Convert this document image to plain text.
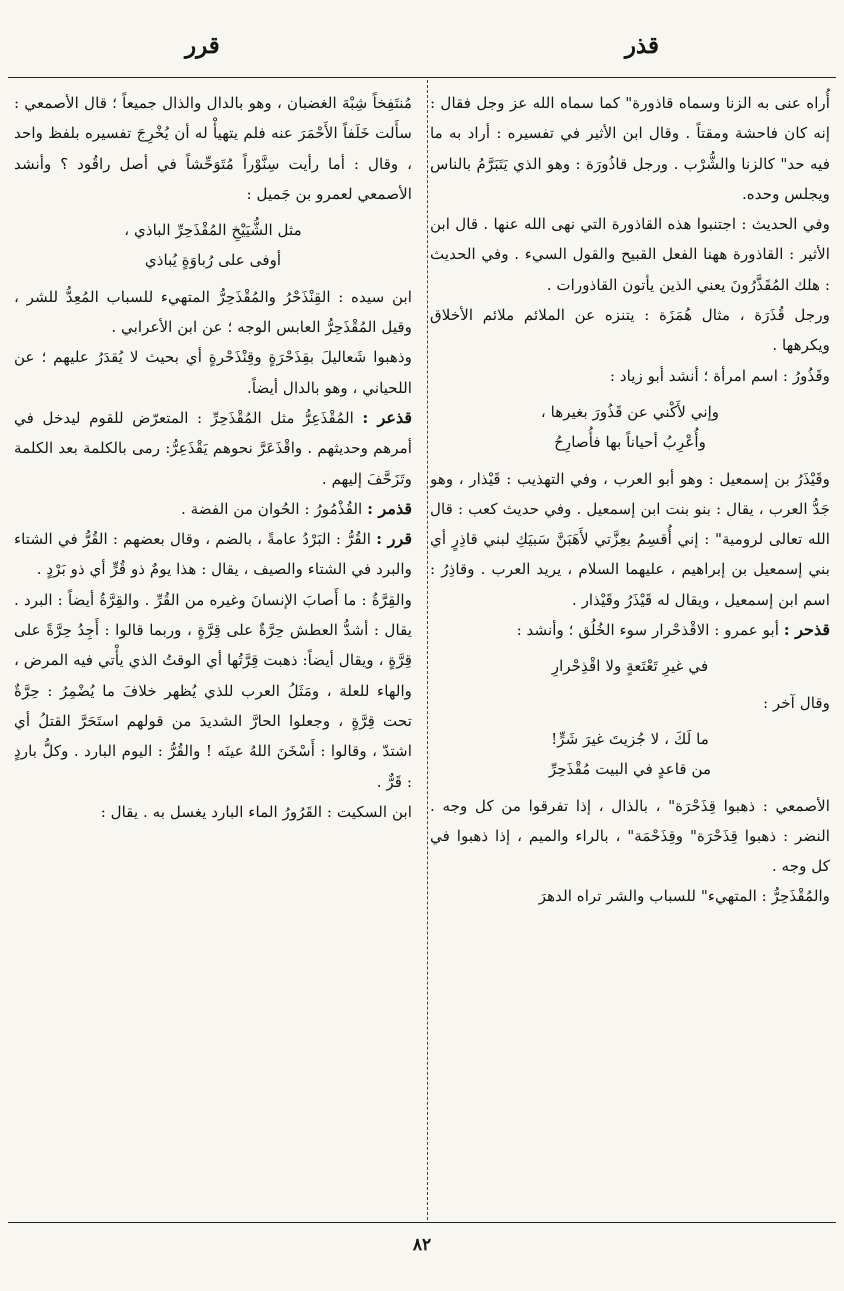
قذر
قرر

أُراه عنى به الزنا وسماه قاذورة" كما سماه الله عز وجل فقال : إنه كان فاحشة ومقتاً . وقال ابن الأثير في تفسيره : أراد به ما فيه حد" كالزنا والشُّرْب . ورجل قاذُورَة : وهو الذي يَتَبَرَّمُ بالناس ويجلس وحده.

وفي الحديث : اجتنبوا هذه القاذورة التي نهى الله عنها . قال ابن الأثير : القاذورة ههنا الفعل القبيح والقول السيء . وفي الحديث : هلك المُقَذَّرُونَ يعني الذين يأتون القاذورات .

ورجل قُذَرَة ، مثال هُمَزَة : يتنزه عن الملائم ملائم الأخلاق ويكرهها .

وقَذُورُ : اسم امرأة ؛ أنشد أبو زياد :

وإني لأَكْني عن قَذُورَ بغيرها ،

وأُعْرِبُ أحياناً بها فأُصارِحُ

وقَيْذَرُ بن إسمعيل : وهو أبو العرب ، وفي التهذيب : قَيْذار ، وهو جَدُّ العرب ، يقال : بنو بنت ابن إسمعيل . وفي حديث كعب : قال الله تعالى لرومية" : إني أُقسِمُ بعِزَّتي لأَهَبَنَّ سَبيَكِ لبني قاذِرٍ أي بني إسمعيل بن إبراهيم ، عليهما السلام ، يريد العرب . وقاذِرُ : اسم ابن إسمعيل ، ويقال له قَيْذَرُ وقَيْذار .

قذحر : أبو عمرو : الاقْذحْرار سوء الخُلُق ؛ وأنشد :

في غيرِ تَعْتَعةٍ ولا اقْذِحْرارِ

وقال آخر :

ما لَكَ ، لا جُزيتَ غيرَ شَرٍّ!

من قاعدٍ في البيت مُقْذَحِرِّ

الأصمعي : ذهبوا قِذَحْرَة" ، بالذال ، إذا تفرقوا من كل وجه . النضر : ذهبوا قِذَحْرَة" وقِذَحْمَة" ، بالراء والميم ، إذا ذهبوا في كل وجه .

والمُقْذَحِرُّ : المتهيء" للسباب والشر تراه الدهرَ

مُنتَفِخاً شِبْهَ الغضبان ، وهو بالدال والذال جميعاً ؛ قال الأصمعي : سأَلت خَلَفاً الأَحْمَرَ عنه فلم يتهيأْ له أن يُخْرِجَ تفسيره بلفظ واحد ، وقال : أما رأيت سِنَّوْراً مُتَوَحِّشاً في أصل راقُود ؟ وأنشد الأصمعي لعمرو بن جَميل :

مثل الشُّيَيْخِ المُقْذَحِرِّ الباذي ،

أوفى على رُباوَةٍ يُباذي

ابن سيده : القِنْذَحْرُ والمُقْذَحِرُّ المتهيء للسباب المُعِدُّ للشر ، وقيل المُقْذَحِرُّ العابس الوجه ؛ عن ابن الأعرابي .

وذهبوا شَعاليلَ بقِذَحْرَةٍ وقِنْذَحْرةٍ أي بحيث لا يُقدَرُ عليهم ؛ عن اللحياني ، وهو بالدال أيضاً.

قذعر : المُقْذَعِرُّ مثل المُقْذَحِرِّ : المتعرّض للقوم ليدخل في أمرهم وحديثهم . واقْذَعَرَّ نحوهم يَقْذَعِرُّ: رمى بالكلمة بعد الكلمة وتَزَحَّفَ إليهم .

قذمر : القُذْمُورُ : الحُوان من الفضة .

قرر : القُرُّ : البَرْدُ عامةً ، بالضم ، وقال بعضهم : القُرُّ في الشتاء والبرد في الشتاء والصيف ، يقال : هذا يومٌ ذو قُرٍّ أي ذو بَرْدٍ .

والقِرَّةُ : ما أَصابَ الإنسانَ وغيره من القُرِّ . والقِرَّةُ أيضاً : البرد . يقال : أشدُّ العطش حِرَّةٌ على قِرَّةٍ ، وربما قالوا : أَجِدُ حِرَّةً على قِرَّةٍ ، ويقال أيضاً: ذهبت قِرَّتُها أي الوقتُ الذي يأْتي فيه المرض ، والهاء للعلة ، ومَثَلُ العرب للذي يُظهر خلافَ ما يُضْمِرُ : حِرَّةٌ تحت قِرَّةٍ ، وجعلوا الحارَّ الشديدَ من قولهم استَحَرَّ القتلُ أي اشتدّ ، وقالوا : أَسْخَنَ اللهُ عينَه ! والقُرُّ : اليوم البارد . وكلُّ باردٍ : قَرٌّ .

ابن السكيت : القَرُورُ الماء البارد يغسل به . يقال :

٨٢
